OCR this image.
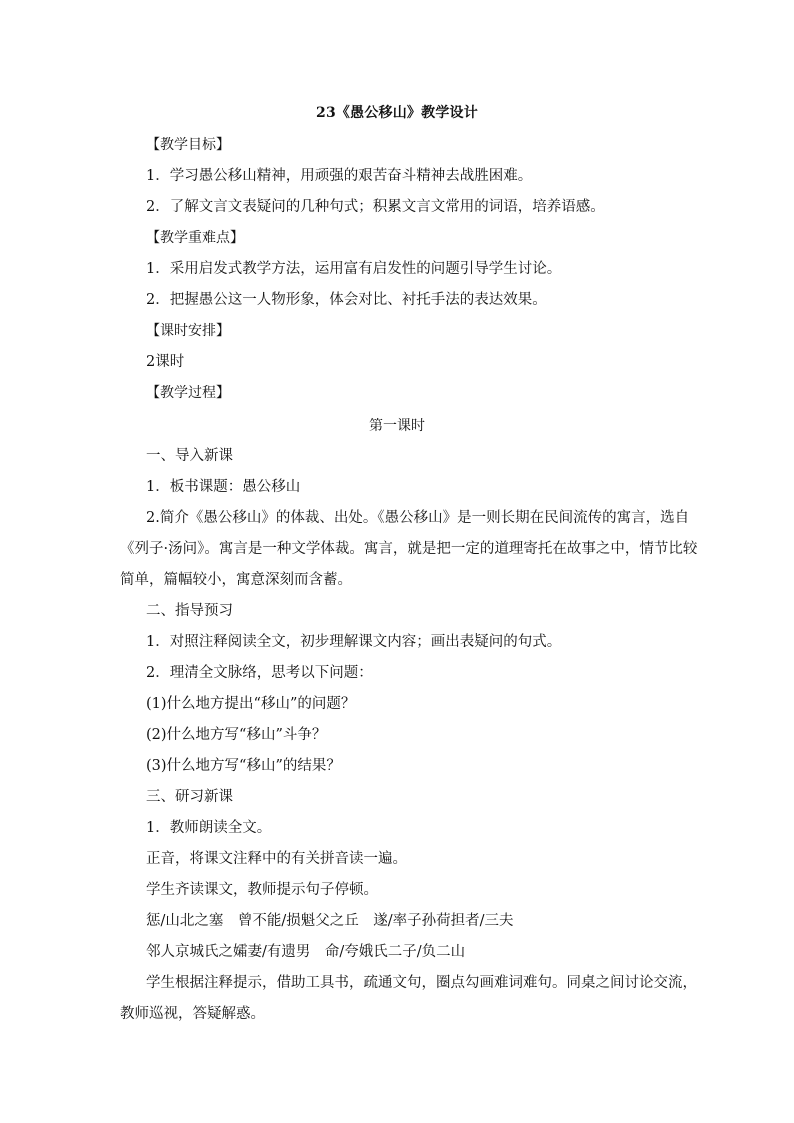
23《愚公移山》教学设计
【教学目标】
1．学习愚公移山精神，用顽强的艰苦奋斗精神去战胜困难。
2．了解文言文表疑问的几种句式；积累文言文常用的词语，培养语感。
【教学重难点】
1．采用启发式教学方法，运用富有启发性的问题引导学生讨论。
2．把握愚公这一人物形象，体会对比、衬托手法的表达效果。
【课时安排】
2课时
【教学过程】
第一课时
一、导入新课
1．板书课题：愚公移山
2.简介《愚公移山》的体裁、出处。《愚公移山》是一则长期在民间流传的寓言，选自
《列子·汤问》。寓言是一种文学体裁。寓言，就是把一定的道理寄托在故事之中，情节比较
简单，篇幅较小，寓意深刻而含蓄。
二、指导预习
1．对照注释阅读全文，初步理解课文内容；画出表疑问的句式。
2．理清全文脉络，思考以下问题：
(1)什么地方提出“移山”的问题？
(2)什么地方写“移山”斗争？
(3)什么地方写“移山”的结果？
三、研习新课
1．教师朗读全文。
正音，将课文注释中的有关拼音读一遍。
学生齐读课文，教师提示句子停顿。
惩/山北之塞　曾不能/损魁父之丘　遂/率子孙荷担者/三夫
邻人京城氏之孀妻/有遗男　命/夸娥氏二子/负二山
学生根据注释提示，借助工具书，疏通文句，圈点勾画难词难句。同桌之间讨论交流，
教师巡视，答疑解惑。
